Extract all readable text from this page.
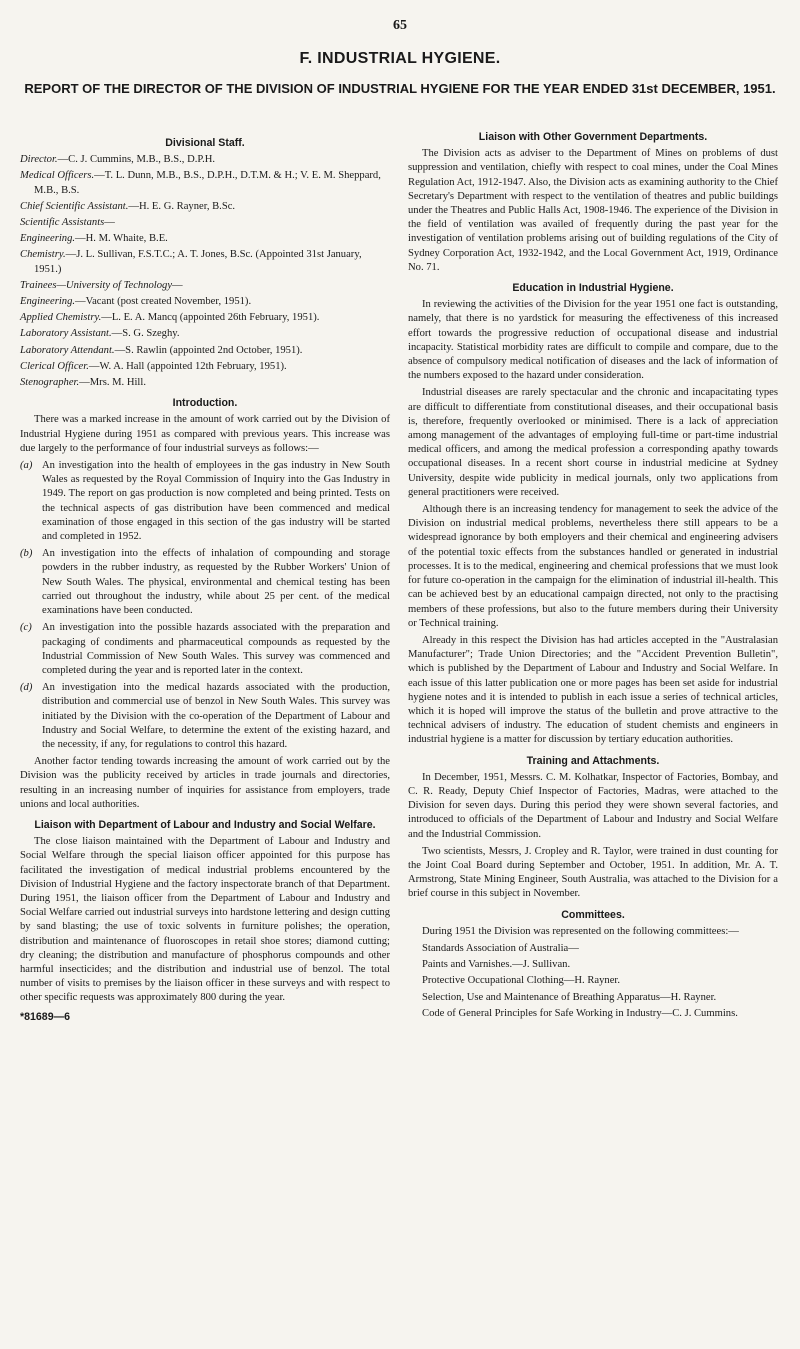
65
F. INDUSTRIAL HYGIENE.
REPORT OF THE DIRECTOR OF THE DIVISION OF INDUSTRIAL HYGIENE FOR THE YEAR ENDED 31st DECEMBER, 1951.
Divisional Staff.

Director.—C. J. Cummins, M.B., B.S., D.P.H.

Medical Officers.—T. L. Dunn, M.B., B.S., D.P.H., D.T.M. & H.; V. E. M. Sheppard, M.B., B.S.

Chief Scientific Assistant.—H. E. G. Rayner, B.Sc.

Scientific Assistants—

Engineering.—H. M. Whaite, B.E.

Chemistry.—J. L. Sullivan, F.S.T.C.; A. T. Jones, B.Sc. (Appointed 31st January, 1951.)

Trainees—University of Technology—

Engineering.—Vacant (post created November, 1951).

Applied Chemistry.—L. E. A. Mancq (appointed 26th February, 1951).

Laboratory Assistant.—S. G. Szeghy.

Laboratory Attendant.—S. Rawlin (appointed 2nd October, 1951).

Clerical Officer.—W. A. Hall (appointed 12th February, 1951).

Stenographer.—Mrs. M. Hill.

Introduction.

There was a marked increase in the amount of work carried out by the Division of Industrial Hygiene during 1951 as compared with previous years. This increase was due largely to the performance of four industrial surveys as follows:—

(a) An investigation into the health of employees in the gas industry in New South Wales as requested by the Royal Commission of Inquiry into the Gas Industry in 1949. The report on gas production is now completed and being printed. Tests on the technical aspects of gas distribution have been commenced and medical examination of those engaged in this section of the gas industry will be started and completed in 1952.
(b) An investigation into the effects of inhalation of compounding and storage powders in the rubber industry, as requested by the Rubber Workers' Union of New South Wales. The physical, environmental and chemical testing has been carried out throughout the industry, while about 25 per cent. of the medical examinations have been conducted.
(c) An investigation into the possible hazards associated with the preparation and packaging of condiments and pharmaceutical compounds as requested by the Industrial Commission of New South Wales. This survey was commenced and completed during the year and is reported later in the context.
(d) An investigation into the medical hazards associated with the production, distribution and commercial use of benzol in New South Wales. This survey was initiated by the Division with the co-operation of the Department of Labour and Industry and Social Welfare, to determine the extent of the existing hazard, and the necessity, if any, for regulations to control this hazard.

Another factor tending towards increasing the amount of work carried out by the Division was the publicity received by articles in trade journals and directories, resulting in an increasing number of inquiries for assistance from employers, trade unions and local authorities.

Liaison with Department of Labour and Industry and Social Welfare.

The close liaison maintained with the Department of Labour and Industry and Social Welfare through the special liaison officer appointed for this purpose has facilitated the investigation of medical industrial problems encountered by the Division of Industrial Hygiene and the factory inspectorate branch of that Department. During 1951, the liaison officer from the Department of Labour and Industry and Social Welfare carried out industrial surveys into hardstone lettering and design cutting by sand blasting; the use of toxic solvents in furniture polishes; the operation, distribution and maintenance of fluoroscopes in retail shoe stores; diamond cutting; dry cleaning; the distribution and manufacture of phosphorus compounds and other harmful insecticides; and the distribution and industrial use of benzol. The total number of visits to premises by the liaison officer in these surveys and with respect to other specific requests was approximately 800 during the year.

*81689—6
Liaison with Other Government Departments.

The Division acts as adviser to the Department of Mines on problems of dust suppression and ventilation, chiefly with respect to coal mines, under the Coal Mines Regulation Act, 1912-1947. Also, the Division acts as examining authority to the Chief Secretary's Department with respect to the ventilation of theatres and public buildings under the Theatres and Public Halls Act, 1908-1946. The experience of the Division in the field of ventilation was availed of frequently during the past year for the investigation of ventilation problems arising out of building regulations of the City of Sydney Corporation Act, 1932-1942, and the Local Government Act, 1919, Ordinance No. 71.

Education in Industrial Hygiene.

In reviewing the activities of the Division for the year 1951 one fact is outstanding, namely, that there is no yardstick for measuring the effectiveness of this increased effort towards the progressive reduction of occupational disease and industrial incapacity. Statistical morbidity rates are difficult to compile and compare, due to the absence of compulsory medical notification of diseases and the lack of information of the numbers exposed to the hazard under consideration.

Industrial diseases are rarely spectacular and the chronic and incapacitating types are difficult to differentiate from constitutional diseases, and their occupational basis is, therefore, frequently overlooked or minimised. There is a lack of appreciation among management of the advantages of employing full-time or part-time industrial medical officers, and among the medical profession a corresponding apathy towards occupational diseases. In a recent short course in industrial medicine at Sydney University, despite wide publicity in medical journals, only two applications from general practitioners were received.

Although there is an increasing tendency for management to seek the advice of the Division on industrial medical problems, nevertheless there still appears to be a widespread ignorance by both employers and their chemical and engineering advisers of the potential toxic effects from the substances handled or generated in industrial processes. It is to the medical, engineering and chemical professions that we must look for future co-operation in the campaign for the elimination of industrial ill-health. This can be achieved best by an educational campaign directed, not only to the practising members of these professions, but also to the future members during their University or Technical training.

Already in this respect the Division has had articles accepted in the "Australasian Manufacturer"; Trade Union Directories; and the "Accident Prevention Bulletin", which is published by the Department of Labour and Industry and Social Welfare. In each issue of this latter publication one or more pages has been set aside for industrial hygiene notes and it is intended to publish in each issue a series of technical articles, which it is hoped will improve the status of the bulletin and prove attractive to the technical advisers of industry. The education of student chemists and engineers in industrial hygiene is a matter for discussion by tertiary education authorities.

Training and Attachments.

In December, 1951, Messrs. C. M. Kolhatkar, Inspector of Factories, Bombay, and C. R. Ready, Deputy Chief Inspector of Factories, Madras, were attached to the Division for seven days. During this period they were shown several factories, and introduced to officials of the Department of Labour and Industry and Social Welfare and the Industrial Commission.

Two scientists, Messrs, J. Cropley and R. Taylor, were trained in dust counting for the Joint Coal Board during September and October, 1951. In addition, Mr. A. T. Armstrong, State Mining Engineer, South Australia, was attached to the Division for a brief course in this subject in November.

Committees.

During 1951 the Division was represented on the following committees:—

Standards Association of Australia—

Paints and Varnishes.—J. Sullivan.

Protective Occupational Clothing—H. Rayner.

Selection, Use and Maintenance of Breathing Apparatus—H. Rayner.

Code of General Principles for Safe Working in Industry—C. J. Cummins.
